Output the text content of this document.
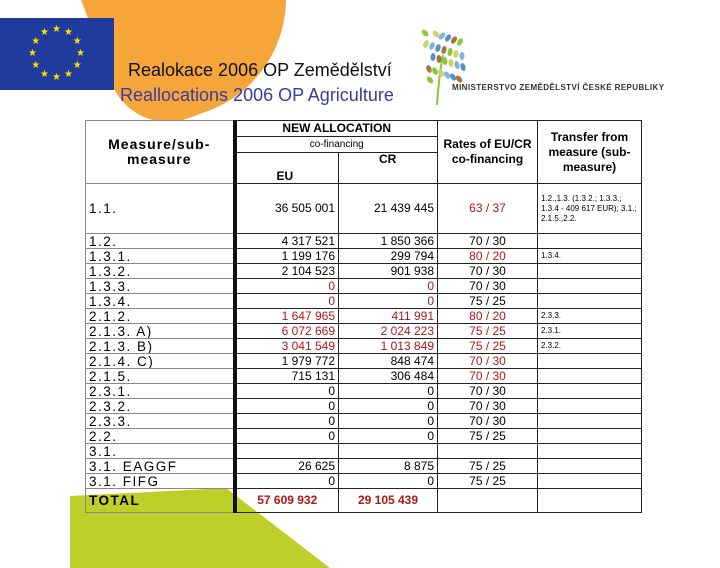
★ ★
★
★
★
★
★
★
★
★
★
★
Realokace 2006 OP Zemědělství
Reallocations 2006 OP Agriculture	MINISTERSTVO ZEMĚDĚLSTVÍ ČESKÉ REPUBLIKY
Measure/sub-measure	NEW ALLOCATION		Rates of EU/CR co-financing	Transfer from measure (sub-measure)
	co-financing			
	EU	CR		
1.1.	36 505 001	21 439 445	63 / 37	1.2.,1.3. (1.3.2.; 1.3.3.; 1.3.4 - 409 617 EUR); 3.1.; 2.1.5.,2.2.
1.2.	4 317 521	1 850 366	70 / 30	
1.3.1.	1 199 176	299 794	80 / 20	1.3.4.
1.3.2.	2 104 523	901 938	70 / 30	
1.3.3.	0	0	70 / 30	
1.3.4.	0	0	75 / 25	
2.1.2.	1 647 965	411 991	80 / 20	2.3.3.
2.1.3. A)	6 072 669	2 024 223	75 / 25	2.3.1.
2.1.3. B)	3 041 549	1 013 849	75 / 25	2.3.2.
2.1.4. C)	1 979 772	848 474	70 / 30	
2.1.5.	715 131	306 484	70 / 30	
2.3.1.	0	0	70 / 30	
2.3.2.	0	0	70 / 30	
2.3.3.	0	0	70 / 30	
2.2.	0	0	75 / 25	
3.1.				
3.1. EAGGF	26 625	8 875	75 / 25	
3.1. FIFG	0	0	75 / 25	
TOTAL	57 609 932	29 105 439		
